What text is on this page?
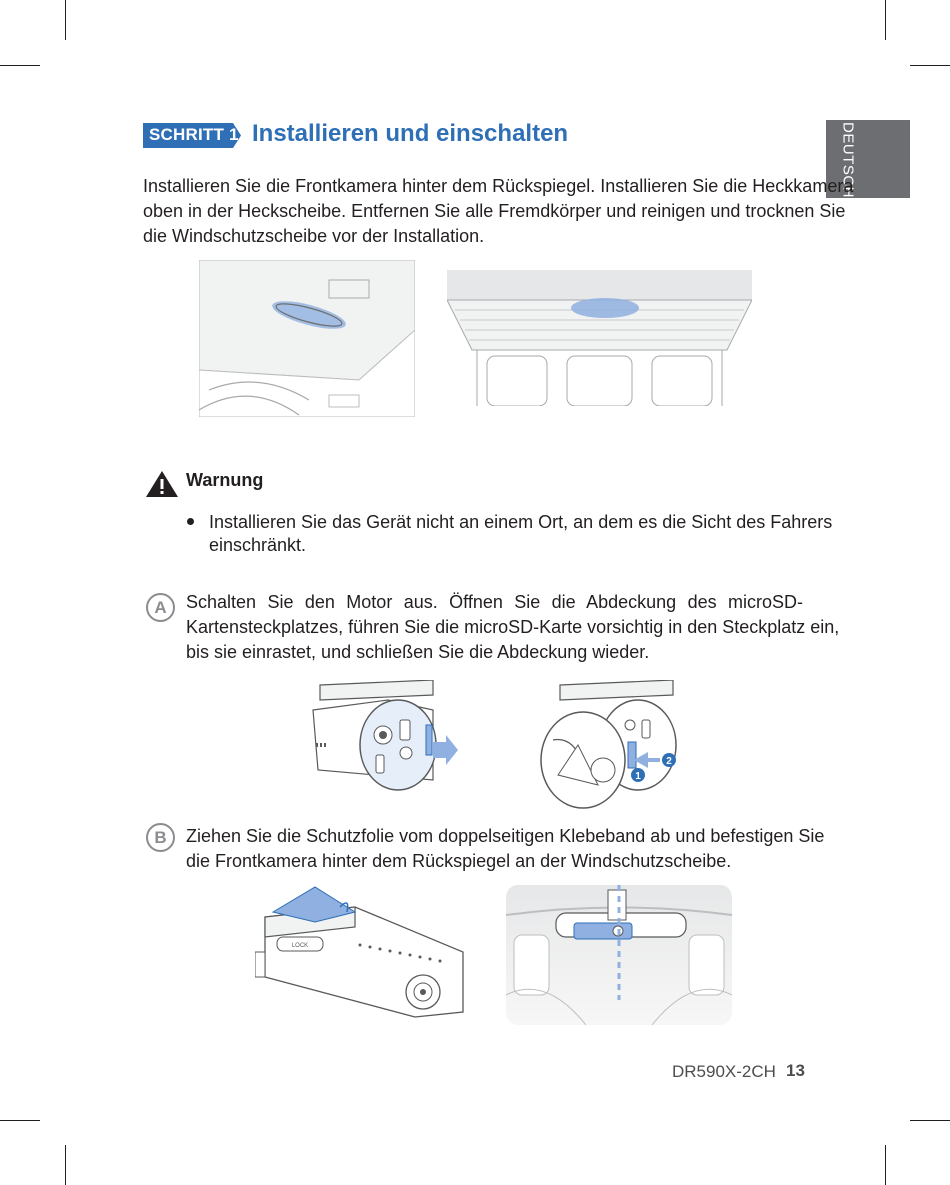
DEUTSCH
SCHRITT 1 Installieren und einschalten
Installieren Sie die Frontkamera hinter dem Rückspiegel. Installieren Sie die Heckkamera
oben in der Heckscheibe. Entfernen Sie alle Fremdkörper und reinigen und trocknen Sie
die Windschutzscheibe vor der Installation.
Warnung
Installieren Sie das Gerät nicht an einem Ort, an dem es die Sicht des Fahrers
einschränkt.
A	Schalten Sie den Motor aus. Öffnen Sie die Abdeckung des microSD-
Kartensteckplatzes, führen Sie die microSD-Karte vorsichtig in den Steckplatz ein,
bis sie einrastet, und schließen Sie die Abdeckung wieder.
1
2
B	Ziehen Sie die Schutzfolie vom doppelseitigen Klebeband ab und befestigen Sie
die Frontkamera hinter dem Rückspiegel an der Windschutzscheibe.
LOCK
DR590X-2CH 13
